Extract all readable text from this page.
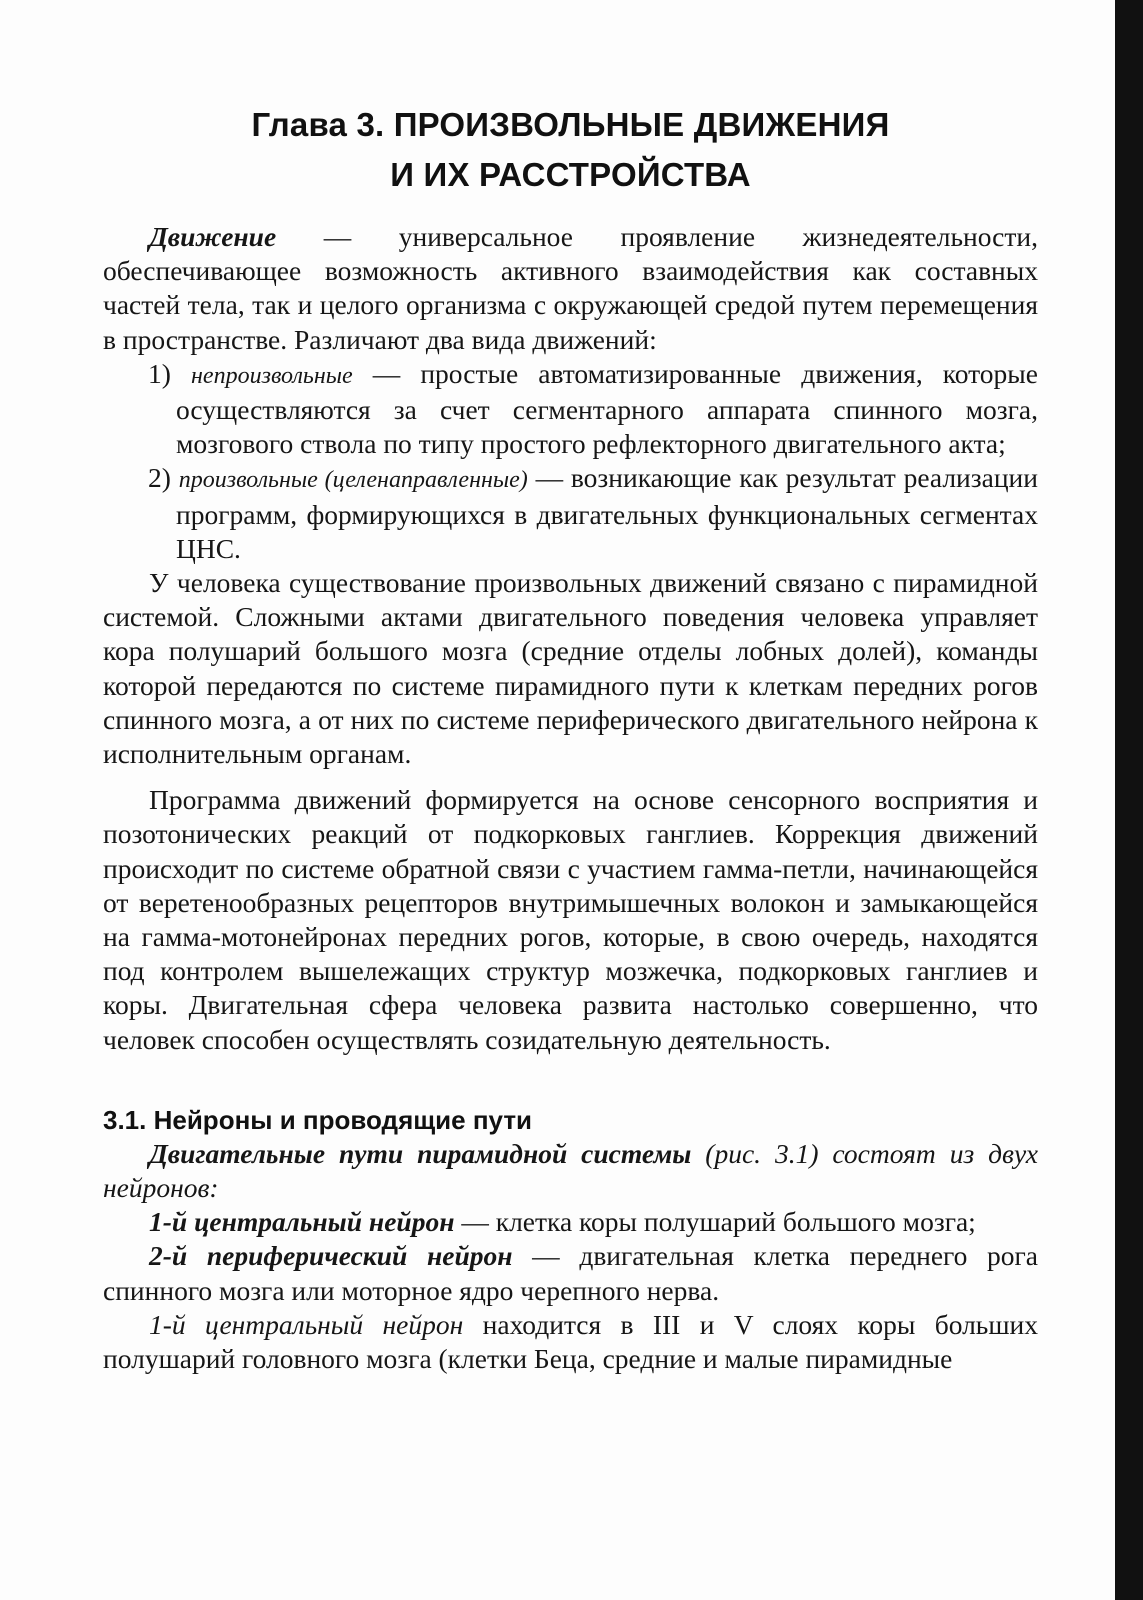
Глава 3. ПРОИЗВОЛЬНЫЕ ДВИЖЕНИЯ
И ИХ РАССТРОЙСТВА

Движение — универсальное проявление жизнедеятельности, обеспечивающее возможность активного взаимодействия как составных частей тела, так и целого организма с окружающей средой путем перемещения в пространстве. Различают два вида движений:

1) непроизвольные — простые автоматизированные движения, которые осуществляются за счет сегментарного аппарата спинного мозга, мозгового ствола по типу простого рефлекторного двигательного акта;
2) произвольные (целенаправленные) — возникающие как результат реализации программ, формирующихся в двигательных функциональных сегментах ЦНС.

У человека существование произвольных движений связано с пирамидной системой. Сложными актами двигательного поведения человека управляет кора полушарий большого мозга (средние отделы лобных долей), команды которой передаются по системе пирамидного пути к клеткам передних рогов спинного мозга, а от них по системе периферического двигательного нейрона к исполнительным органам.

Программа движений формируется на основе сенсорного восприятия и позотонических реакций от подкорковых ганглиев. Коррекция движений происходит по системе обратной связи с участием гамма-петли, начинающейся от веретенообразных рецепторов внутримышечных волокон и замыкающейся на гамма-мотонейронах передних рогов, которые, в свою очередь, находятся под контролем вышележащих структур мозжечка, подкорковых ганглиев и коры. Двигательная сфера человека развита настолько совершенно, что человек способен осуществлять созидательную деятельность.

3.1. Нейроны и проводящие пути

Двигательные пути пирамидной системы (рис. 3.1) состоят из двух нейронов:

1-й центральный нейрон — клетка коры полушарий большого мозга;

2-й периферический нейрон — двигательная клетка переднего рога спинного мозга или моторное ядро черепного нерва.

1-й центральный нейрон находится в III и V слоях коры больших полушарий головного мозга (клетки Беца, средние и малые пирамидные
